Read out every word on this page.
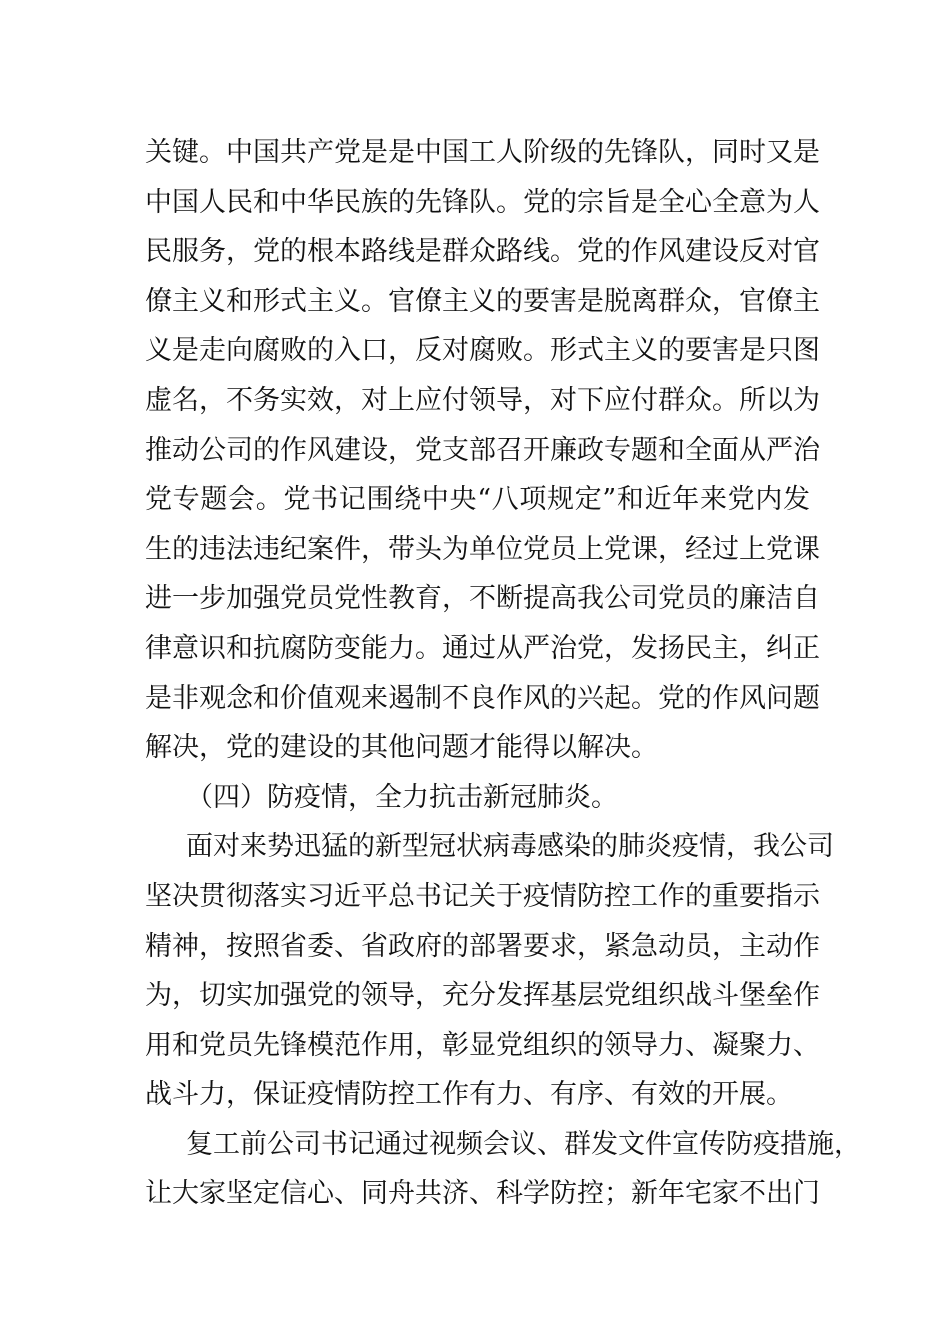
关键。中国共产党是是中国工人阶级的先锋队，同时又是
中国人民和中华民族的先锋队。党的宗旨是全心全意为人
民服务，党的根本路线是群众路线。党的作风建设反对官
僚主义和形式主义。官僚主义的要害是脱离群众，官僚主
义是走向腐败的入口，反对腐败。形式主义的要害是只图
虚名，不务实效，对上应付领导，对下应付群众。所以为
推动公司的作风建设，党支部召开廉政专题和全面从严治
党专题会。党书记围绕中央“八项规定”和近年来党内发
生的违法违纪案件，带头为单位党员上党课，经过上党课
进一步加强党员党性教育，不断提高我公司党员的廉洁自
律意识和抗腐防变能力。通过从严治党，发扬民主，纠正
是非观念和价值观来遏制不良作风的兴起。党的作风问题
解决，党的建设的其他问题才能得以解决。
（四）防疫情，全力抗击新冠肺炎。
面对来势迅猛的新型冠状病毒感染的肺炎疫情，我公司
坚决贯彻落实习近平总书记关于疫情防控工作的重要指示
精神，按照省委、省政府的部署要求，紧急动员，主动作
为，切实加强党的领导，充分发挥基层党组织战斗堡垒作
用和党员先锋模范作用，彰显党组织的领导力、凝聚力、
战斗力，保证疫情防控工作有力、有序、有效的开展。
复工前公司书记通过视频会议、群发文件宣传防疫措施，
让大家坚定信心、同舟共济、科学防控；新年宅家不出门
